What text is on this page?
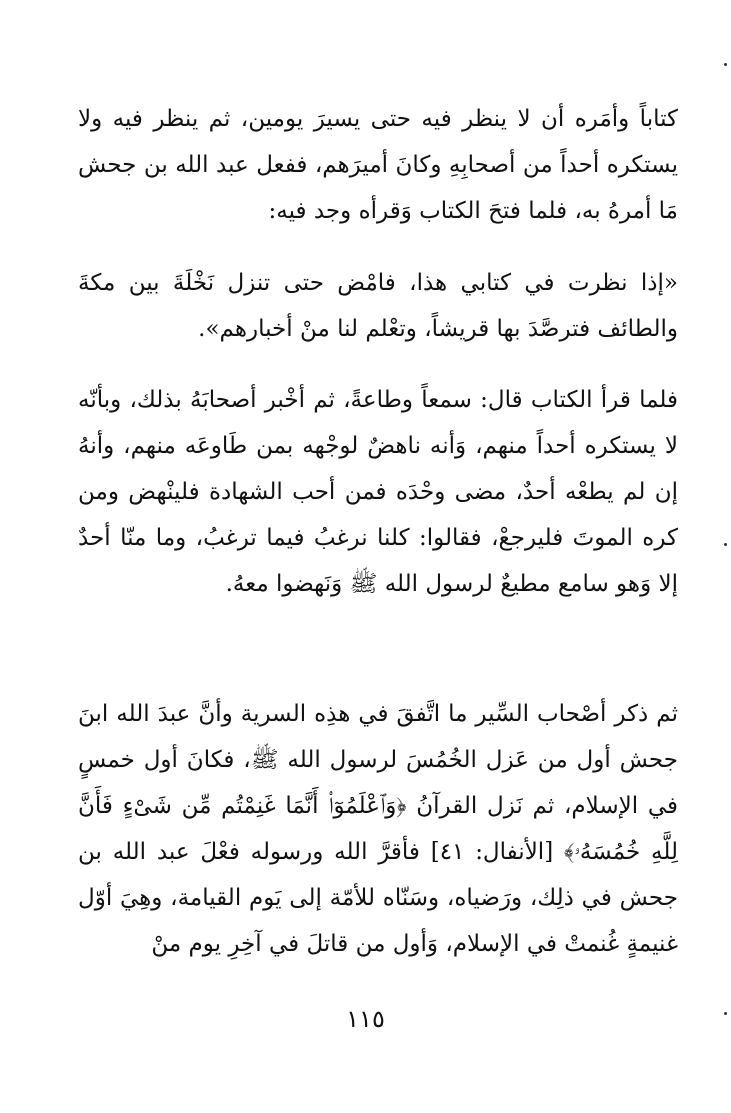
كتاباً وأمَره أن لا ينظر فيه حتى يسيرَ يومين، ثم ينظر فيه ولا يستكره أحداً من أصحابِهِ وكانَ أميرَهم، ففعل عبد الله بن جحش مَا أمرهُ به، فلما فتحَ الكتاب وَقرأه وجد فيه:

«إذا نظرت في كتابي هذا، فامْض حتى تنزل نَخْلَةَ بين مكةَ والطائف فترصَّدَ بها قريشاً، وتعْلم لنا منْ أخبارهم».

فلما قرأ الكتاب قال: سمعاً وطاعةً، ثم أخْبر أصحابَهُ بذلك، وبأنّه لا يستكره أحداً منهم، وَأنه ناهضٌ لوجْهه بمن طَاوعَه منهم، وأنهُ إن لم يطعْه أحدٌ، مضى وحْدَه فمن أحب الشهادة فلينْهض ومن كره الموتَ فليرجعْ، فقالوا: كلنا نرغبُ فيما ترغبُ، وما منّا أحدٌ إلا وَهو سامع مطيعٌ لرسول الله ﷺ وَنَهضوا معهُ.

ثم ذكر أصْحاب السِّير ما اتَّفقَ في هذِه السرية وأنَّ عبدَ الله ابنَ جحش أول من عَزل الخُمُسَ لرسول الله ﷺ، فكانَ أول خمسٍ في الإسلام، ثم نَزل القرآنُ ﴿وَٱعْلَمُوٓا۟ أَنَّمَا غَنِمْتُم مِّن شَىْءٍ فَأَنَّ لِلَّهِ خُمُسَهُۥ﴾ [الأنفال: ٤١] فأقرَّ الله ورسوله فعْلَ عبد الله بن جحش في ذلِك، ورَضياه، وسَنّاه للأمّة إلى يَوم القيامة، وهِيَ أوّل غنيمةٍ غُنمتْ في الإسلام، وَأول من قاتلَ في آخِرِ يوم منْ

١١٥
